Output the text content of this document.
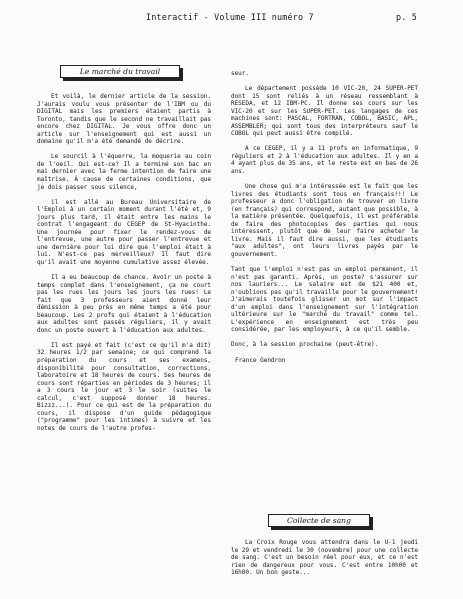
Interactif - Volume III numéro 7	p. 5
Le marché du travail

Et voilà, le dernier article de la session. J'aurais voulu vous présenter de l'IBM ou du DIGITAL mais les premiers étaient partis à Toronto, tandis que le second ne travaillait pas encore chez DIGITAL. Je vous offre donc un article sur l'enseignement qui est aussi un domaine qu'il m'a été demandé de décrire.

Le sourcil à l'équerre, la moquerie au coin de l'oeil. Qui est-ce? Il a terminé son bac en mai dernier avec la ferme intention de faire une maîtrise. À cause de certaines conditions, que je dois passer sous silence,

il est allé au Bureau Universitaire de l'Emploi à un certain moment durant l'été et, 9 jours plus tard, il était entre les mains le contrat l'engageant du CEGEP de St-Hyacinthe. Une journée pour fixer le rendez-vous de l'entrevue, une autre pour passer l'entrevue et une dernière pour lui dire que l'emploi était à lui. N'est-ce pas merveilleux? Il faut dire qu'il avait une moyenne cumulative assez élevée.

Il a eu beaucoup de chance. Avoir un poste à temps complet dans l'enseignement, ça ne court pas les rues les jours les jours les rues! Le fait que 3 professeurs aient donné leur démission à peu près en même temps a été pour beaucoup. Les 2 profs qui étaient à l'éducation aux adultes sont passés réguliers, il y avait donc un poste ouvert à l'éducation aux adultes.

Il est payé et fait (c'est ce qu'il m'a dit) 32 heures 1/2 par semaine; ce qui comprend la préparation du cours et ses examens, disponibilité pour consultation, corrections, laboratoire et 18 heures de cours. Ses heures de cours sont réparties en périodes de 3 heures; il a 3 cours le jour et 3 le soir (suites le calcul, c'est supposé donner 18 heures. Bizzz...). Pour ce qui est de la préparation du cours, il dispose d'un guide pédagogique ("programme" pour les intimes) à suivre et les notes de cours de l'autre profes-

seur.

Le département possède 10 VIC-20, 24 SUPER-PET dont 15 sont reliés à un réseau ressemblant à RESEDA, et 12 IBM-PC. Il donne ses cours sur les VIC-20 et sur les SUPER-PET. Les langages de ces machines sont: PASCAL, FORTRAN, COBOL, BASIC, APL, ASSEMBLER; qui sont tous des interpréteurs sauf le COBOL qui peut aussi être compilé.

A ce CEGEP, il y a 11 profs en informatique, 9 réguliers et 2 à l'éducation aux adultes. Il y en a 4 ayant plus de 35 ans, et le reste est en bas de 26 ans.

Une chose qui m'a intéressée est le fait que les livres des étudiants sont tous en français!!! Le professeur a donc l'obligation de trouver un livre (en français) qui correspond, autant que possible, à la matière présentée. Quelquefois, il est préférable de faire des photocopies des parties qui nous intéressent, plutôt que de leur faire acheter le livre. Mais il faut dire aussi, que les étudiants "aux adultes", ont leurs livres payés par le gouvernement.

Tant que l'emploi n'est pas un emploi permanent, il n'est pas garanti. Après, un poste? s'assurer sur nos lauriers... Le salaire est de $21 400 et, n'oublions pas qu'il travaille pour le gouvernement! J'aimerais toutefois glisser un mot sur l'impact d'un emploi dans l'enseignement sur l'intégration ultérieure sur le "marché du travail" comme tel. L'expérience en enseignement est très peu considérée, par les employeurs, à ce qu'il semble.

Donc, à la session prochaine (peut-être).

France Gendron

Collecte de sang

La Croix Rouge vous attendra dans le U-1 jeudi le 29 et vendredi le 30 (novembre) pour une collecte de sang. C'est un besoin réel pour eux, et ce n'est rien de dangereux pour vous. C'est entre 10h00 et 16h00. Un bon geste...
